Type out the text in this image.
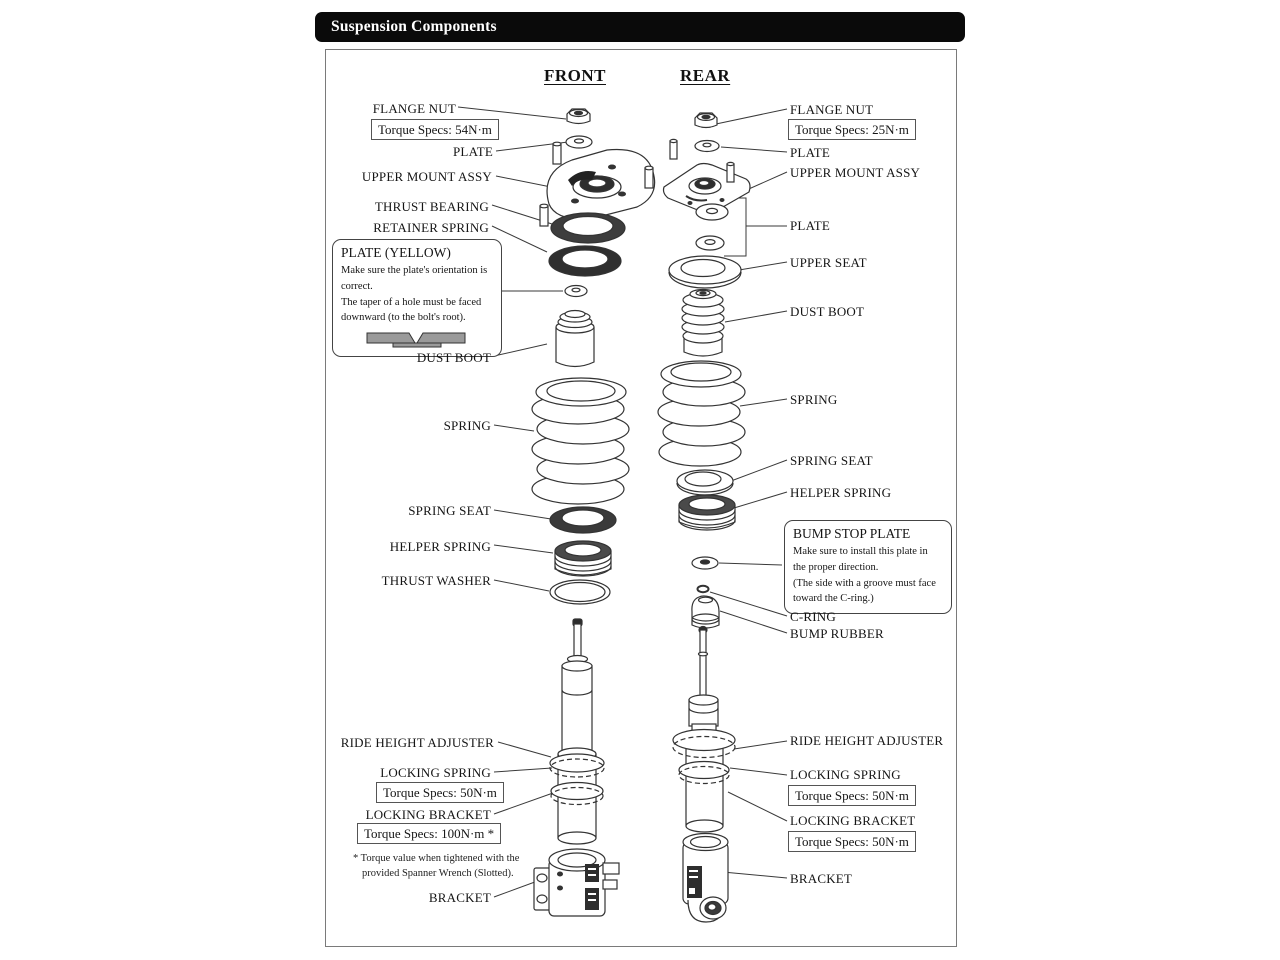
Suspension Components
FRONT	REAR
FLANGE NUT
Torque Specs: 54N·m
PLATE
UPPER MOUNT ASSY
THRUST BEARING
RETAINER SPRING
PLATE (YELLOW)
Make sure the plate's orientation is correct.
The taper of a hole must be faced downward (to the bolt's root).
DUST BOOT
SPRING
SPRING SEAT
HELPER SPRING
THRUST WASHER
RIDE HEIGHT ADJUSTER
LOCKING SPRING
Torque Specs: 50N·m
LOCKING BRACKET
Torque Specs: 100N·m *
* Torque value when tightened with the provided Spanner Wrench (Slotted).
BRACKET
FLANGE NUT
Torque Specs: 25N·m
PLATE
UPPER MOUNT ASSY
PLATE
UPPER SEAT
DUST BOOT
SPRING
SPRING SEAT
HELPER SPRING
BUMP STOP PLATE
Make sure to install this plate in the proper direction.
(The side with a groove must face toward the C-ring.)
C-RING
BUMP RUBBER
RIDE HEIGHT ADJUSTER
LOCKING SPRING
Torque Specs: 50N·m
LOCKING BRACKET
Torque Specs: 50N·m
BRACKET
